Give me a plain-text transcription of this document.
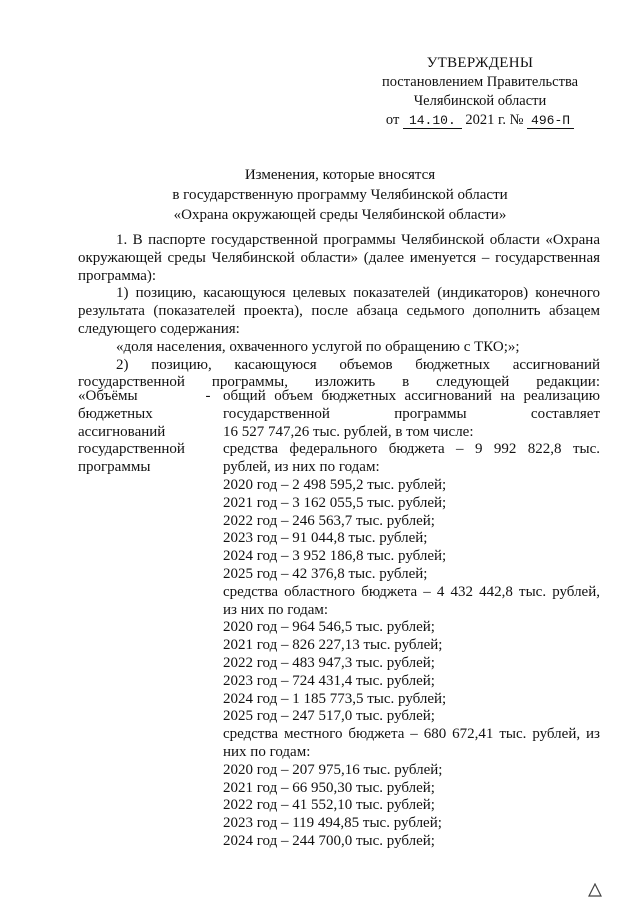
УТВЕРЖДЕНЫ
постановлением Правительства
Челябинской области
от 14.10. 2021 г. № 496-П
Изменения, которые вносятся
в государственную программу Челябинской области
«Охрана окружающей среды Челябинской области»

1. В паспорте государственной программы Челябинской области «Охрана окружающей среды Челябинской области» (далее именуется – государственная программа):

1) позицию, касающуюся целевых показателей (индикаторов) конечного результата (показателей проекта), после абзаца седьмого дополнить абзацем следующего содержания:

«доля населения, охваченного услугой по обращению с ТКО;»;

2) позицию, касающуюся объемов бюджетных ассигнований государственной программы, изложить в следующей редакции:

«Объёмы
бюджетных
ассигнований
государственной
программы
- общий объем бюджетных ассигнований на реализацию
государственной программы составляет
16 527 747,26 тыс. рублей, в том числе:
средства федерального бюджета – 9 992 822,8 тыс.
рублей, из них по годам:
2020 год – 2 498 595,2 тыс. рублей;
2021 год – 3 162 055,5 тыс. рублей;
2022 год – 246 563,7 тыс. рублей;
2023 год – 91 044,8 тыс. рублей;
2024 год – 3 952 186,8 тыс. рублей;
2025 год – 42 376,8 тыс. рублей;
средства областного бюджета – 4 432 442,8 тыс. рублей,
из них по годам:
2020 год – 964 546,5 тыс. рублей;
2021 год – 826 227,13 тыс. рублей;
2022 год – 483 947,3 тыс. рублей;
2023 год – 724 431,4 тыс. рублей;
2024 год – 1 185 773,5 тыс. рублей;
2025 год – 247 517,0 тыс. рублей;
средства местного бюджета – 680 672,41 тыс. рублей, из
них по годам:
2020 год – 207 975,16 тыс. рублей;
2021 год – 66 950,30 тыс. рублей;
2022 год – 41 552,10 тыс. рублей;
2023 год – 119 494,85 тыс. рублей;
2024 год – 244 700,0 тыс. рублей;
